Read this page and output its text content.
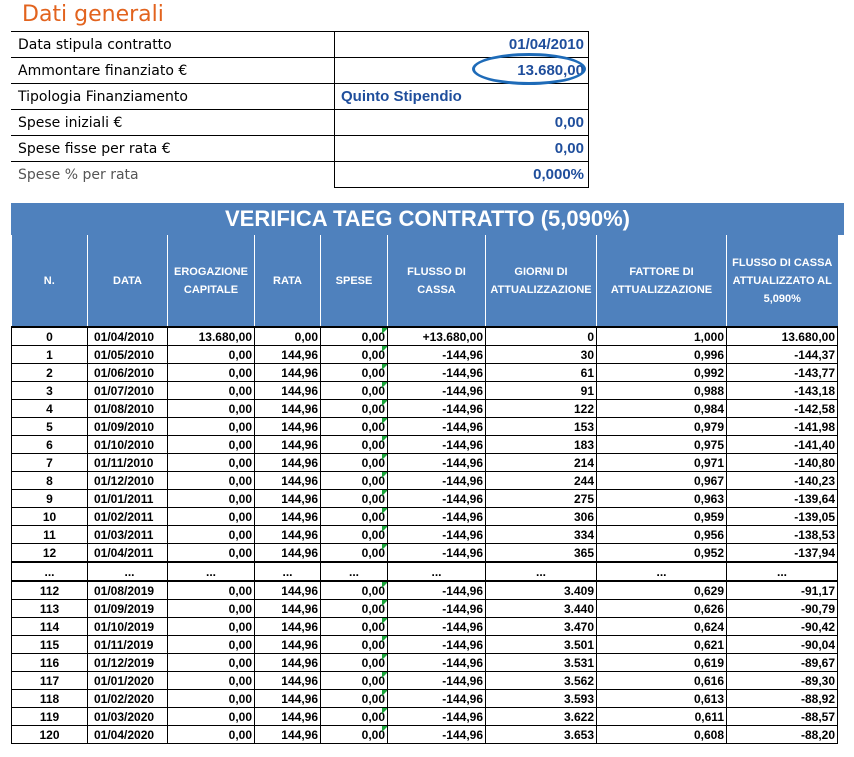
Dati generali
Data stipula contratto	01/04/2010
Ammontare finanziato €	13.680,00
Tipologia Finanziamento	Quinto Stipendio
Spese iniziali €	0,00
Spese fisse per rata €	0,00
Spese % per rata	0,000%
VERIFICA TAEG CONTRATTO (5,090%)
N.	DATA	EROGAZIONE CAPITALE	RATA	SPESE	FLUSSO DI CASSA	GIORNI DI ATTUALIZZAZIONE	FATTORE DI ATTUALIZZAZIONE	FLUSSO DI CASSA ATTUALIZZATO AL 5,090%
0	01/04/2010	13.680,00	0,00	0,00	+13.680,00	0	1,000	13.680,00
1	01/05/2010	0,00	144,96	0,00	-144,96	30	0,996	-144,37
2	01/06/2010	0,00	144,96	0,00	-144,96	61	0,992	-143,77
3	01/07/2010	0,00	144,96	0,00	-144,96	91	0,988	-143,18
4	01/08/2010	0,00	144,96	0,00	-144,96	122	0,984	-142,58
5	01/09/2010	0,00	144,96	0,00	-144,96	153	0,979	-141,98
6	01/10/2010	0,00	144,96	0,00	-144,96	183	0,975	-141,40
7	01/11/2010	0,00	144,96	0,00	-144,96	214	0,971	-140,80
8	01/12/2010	0,00	144,96	0,00	-144,96	244	0,967	-140,23
9	01/01/2011	0,00	144,96	0,00	-144,96	275	0,963	-139,64
10	01/02/2011	0,00	144,96	0,00	-144,96	306	0,959	-139,05
11	01/03/2011	0,00	144,96	0,00	-144,96	334	0,956	-138,53
12	01/04/2011	0,00	144,96	0,00	-144,96	365	0,952	-137,94
...	...	...	...	...	...	...	...	...
112	01/08/2019	0,00	144,96	0,00	-144,96	3.409	0,629	-91,17
113	01/09/2019	0,00	144,96	0,00	-144,96	3.440	0,626	-90,79
114	01/10/2019	0,00	144,96	0,00	-144,96	3.470	0,624	-90,42
115	01/11/2019	0,00	144,96	0,00	-144,96	3.501	0,621	-90,04
116	01/12/2019	0,00	144,96	0,00	-144,96	3.531	0,619	-89,67
117	01/01/2020	0,00	144,96	0,00	-144,96	3.562	0,616	-89,30
118	01/02/2020	0,00	144,96	0,00	-144,96	3.593	0,613	-88,92
119	01/03/2020	0,00	144,96	0,00	-144,96	3.622	0,611	-88,57
120	01/04/2020	0,00	144,96	0,00	-144,96	3.653	0,608	-88,20
